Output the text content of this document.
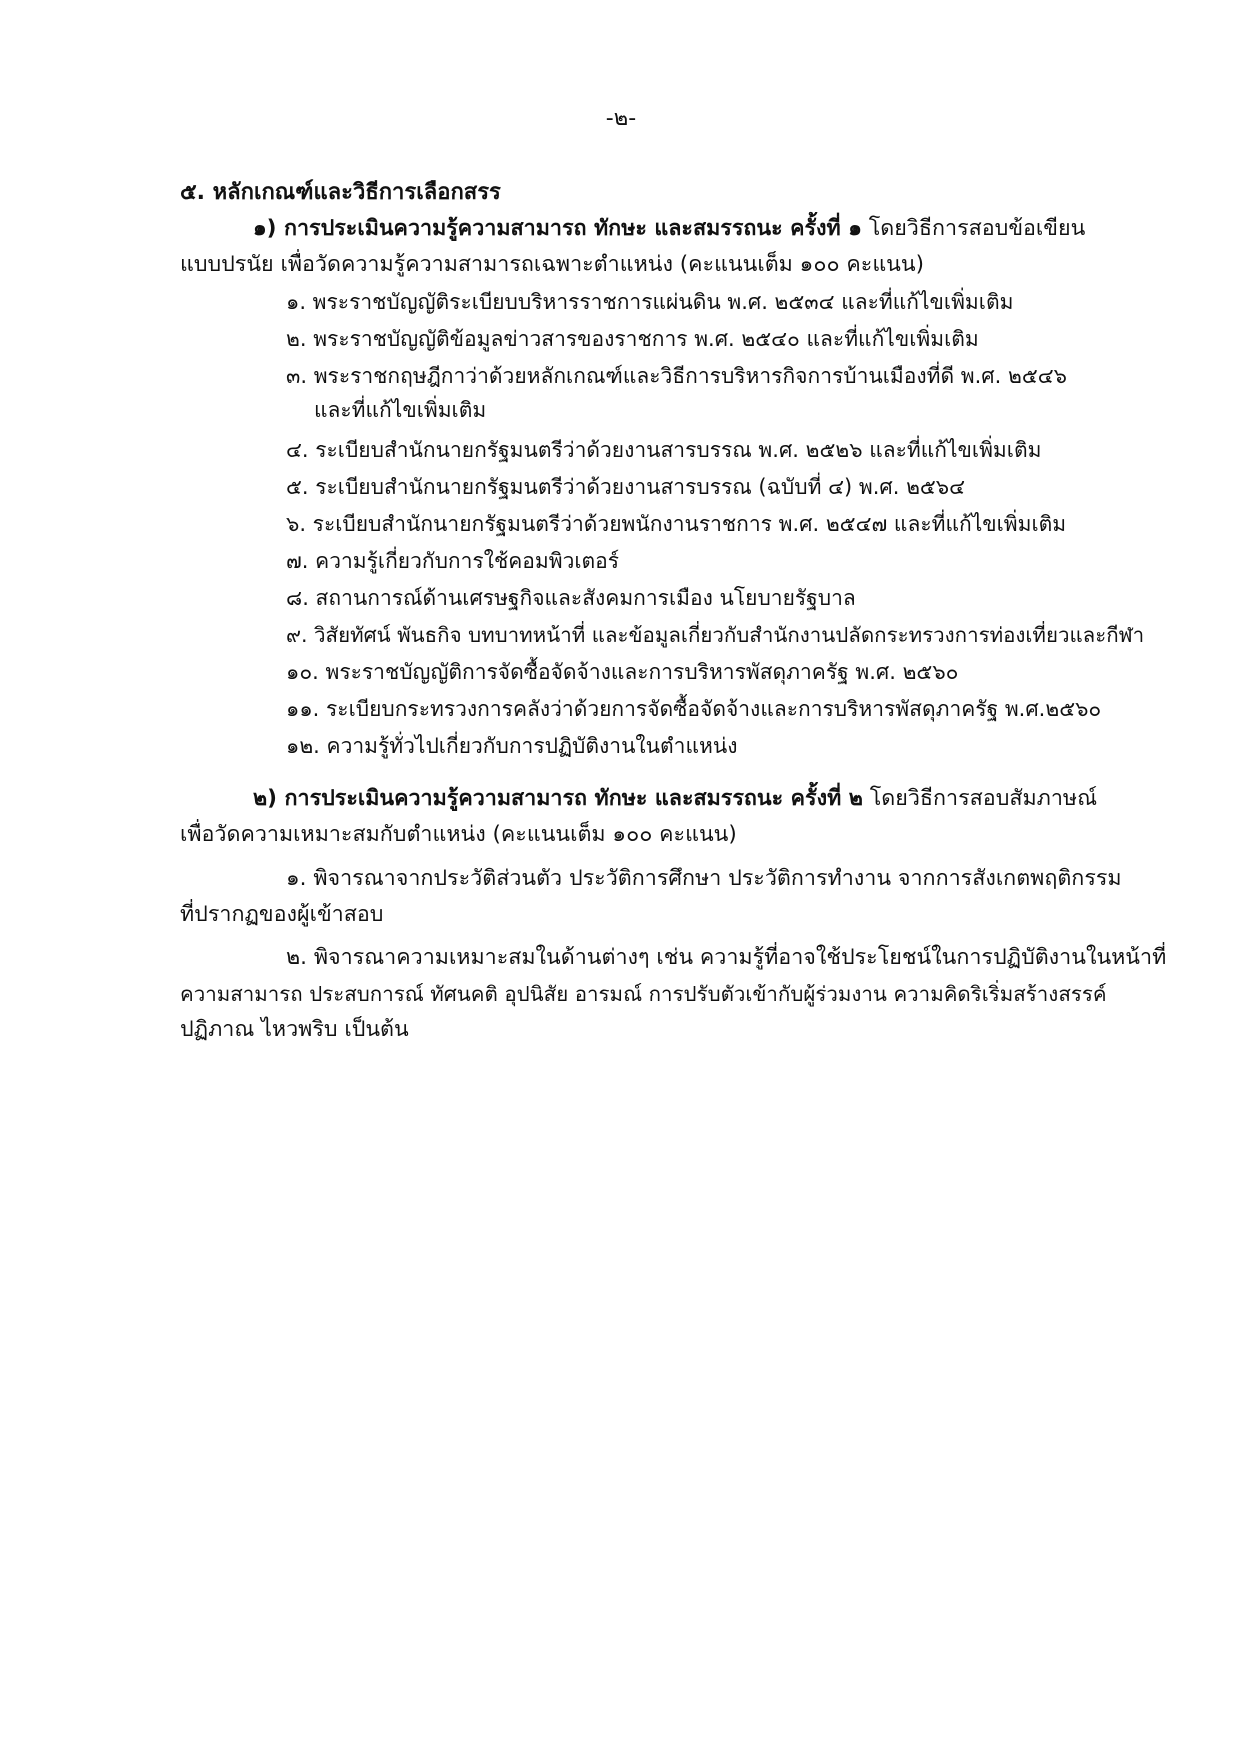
-๒-
๕. หลักเกณฑ์และวิธีการเลือกสรร
๑) การประเมินความรู้ความสามารถ ทักษะ และสมรรถนะ ครั้งที่ ๑ โดยวิธีการสอบข้อเขียน
แบบปรนัย เพื่อวัดความรู้ความสามารถเฉพาะตำแหน่ง (คะแนนเต็ม ๑๐๐ คะแนน)
๑. พระราชบัญญัติระเบียบบริหารราชการแผ่นดิน พ.ศ. ๒๕๓๔ และที่แก้ไขเพิ่มเติม
๒. พระราชบัญญัติข้อมูลข่าวสารของราชการ พ.ศ. ๒๕๔๐ และที่แก้ไขเพิ่มเติม
๓. พระราชกฤษฎีกาว่าด้วยหลักเกณฑ์และวิธีการบริหารกิจการบ้านเมืองที่ดี พ.ศ. ๒๕๔๖
และที่แก้ไขเพิ่มเติม
๔. ระเบียบสำนักนายกรัฐมนตรีว่าด้วยงานสารบรรณ พ.ศ. ๒๕๒๖ และที่แก้ไขเพิ่มเติม
๕. ระเบียบสำนักนายกรัฐมนตรีว่าด้วยงานสารบรรณ (ฉบับที่ ๔) พ.ศ. ๒๕๖๔
๖. ระเบียบสำนักนายกรัฐมนตรีว่าด้วยพนักงานราชการ พ.ศ. ๒๕๔๗ และที่แก้ไขเพิ่มเติม
๗. ความรู้เกี่ยวกับการใช้คอมพิวเตอร์
๘. สถานการณ์ด้านเศรษฐกิจและสังคมการเมือง นโยบายรัฐบาล
๙. วิสัยทัศน์ พันธกิจ บทบาทหน้าที่ และข้อมูลเกี่ยวกับสำนักงานปลัดกระทรวงการท่องเที่ยวและกีฬา
๑๐. พระราชบัญญัติการจัดซื้อจัดจ้างและการบริหารพัสดุภาครัฐ พ.ศ. ๒๕๖๐
๑๑. ระเบียบกระทรวงการคลังว่าด้วยการจัดซื้อจัดจ้างและการบริหารพัสดุภาครัฐ พ.ศ.๒๕๖๐
๑๒. ความรู้ทั่วไปเกี่ยวกับการปฏิบัติงานในตำแหน่ง
๒) การประเมินความรู้ความสามารถ ทักษะ และสมรรถนะ ครั้งที่ ๒ โดยวิธีการสอบสัมภาษณ์
เพื่อวัดความเหมาะสมกับตำแหน่ง (คะแนนเต็ม ๑๐๐ คะแนน)
๑. พิจารณาจากประวัติส่วนตัว ประวัติการศึกษา ประวัติการทำงาน จากการสังเกตพฤติกรรม
ที่ปรากฏของผู้เข้าสอบ
๒. พิจารณาความเหมาะสมในด้านต่างๆ เช่น ความรู้ที่อาจใช้ประโยชน์ในการปฏิบัติงานในหน้าที่
ความสามารถ ประสบการณ์ ทัศนคติ อุปนิสัย อารมณ์ การปรับตัวเข้ากับผู้ร่วมงาน ความคิดริเริ่มสร้างสรรค์
ปฏิภาณ ไหวพริบ เป็นต้น
